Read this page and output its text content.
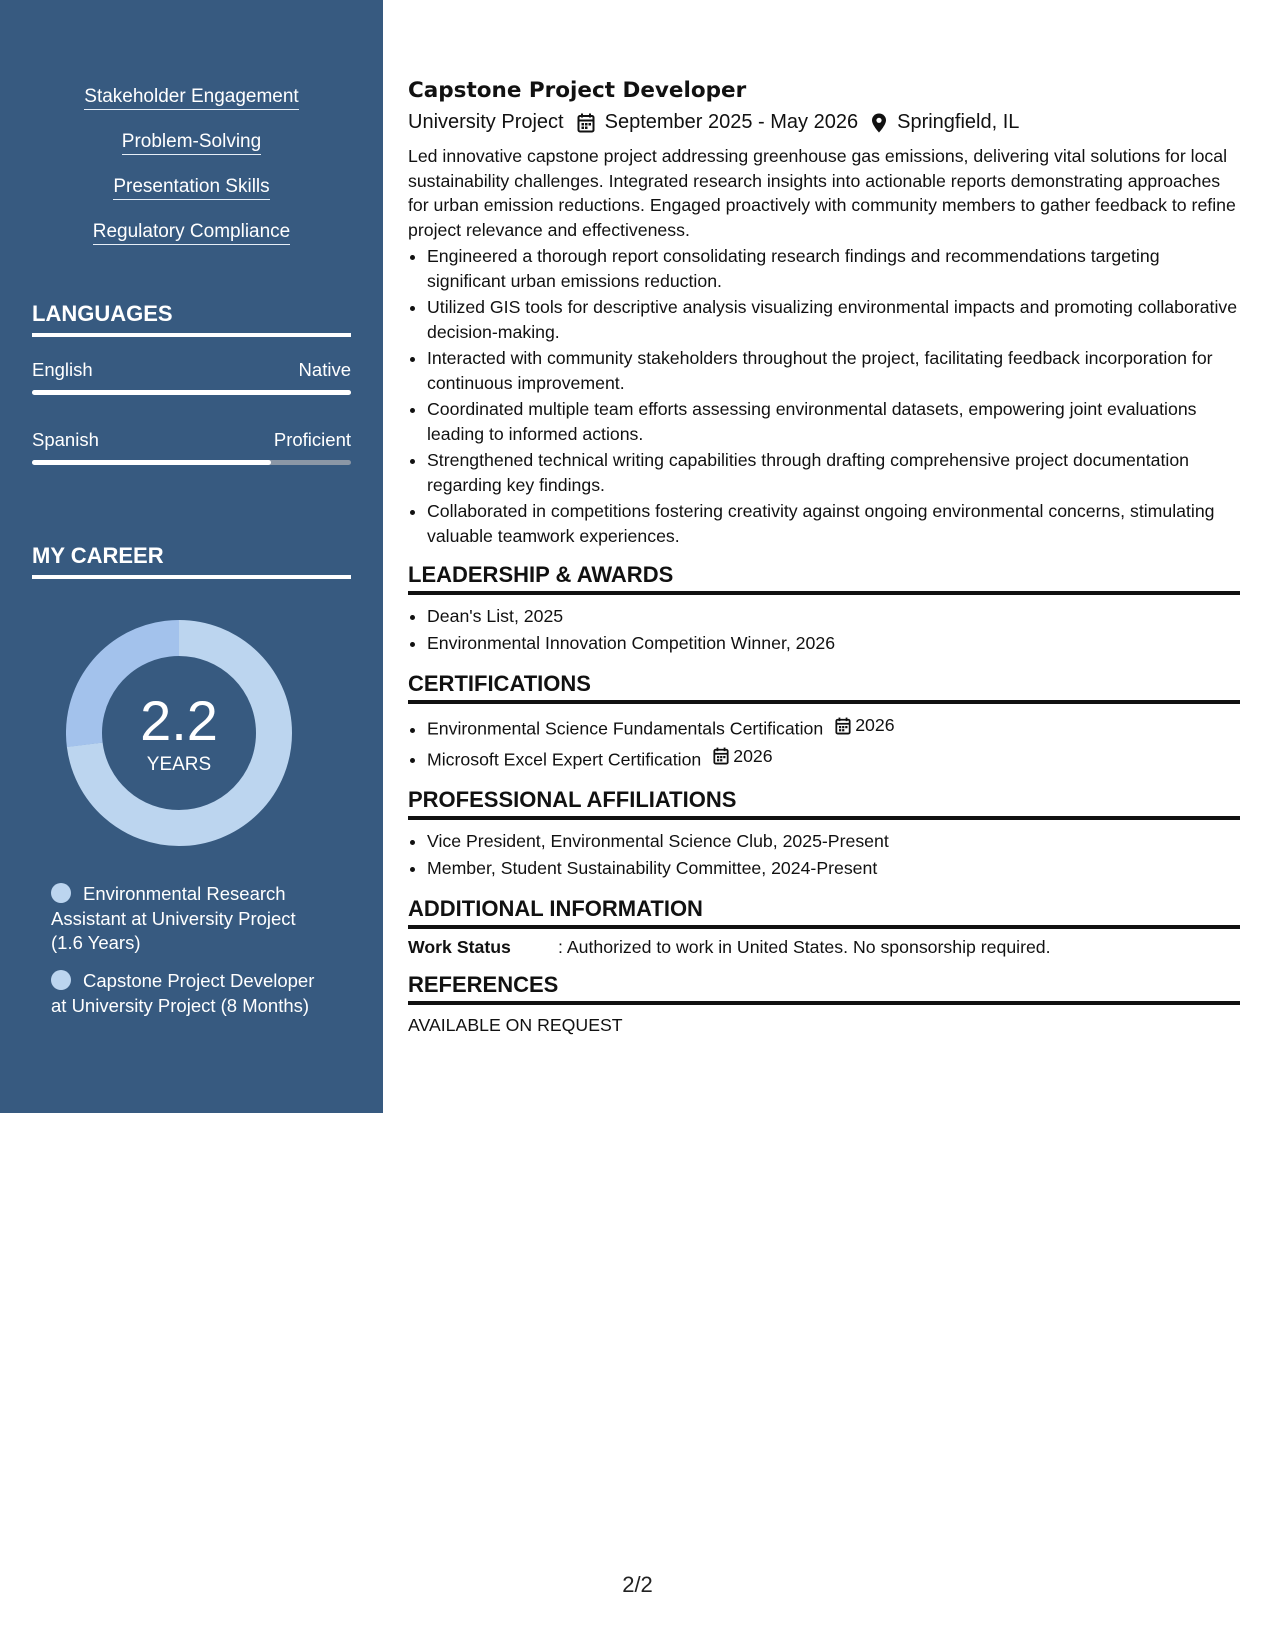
Stakeholder Engagement
Problem-Solving
Presentation Skills
Regulatory Compliance
LANGUAGES
English	Native
Spanish	Proficient
MY CAREER
2.2
YEARS
Environmental Research Assistant at University Project (1.6 Years)
Capstone Project Developer at University Project (8 Months)
Capstone Project Developer
University Project September 2025 - May 2026 Springfield, IL
Led innovative capstone project addressing greenhouse gas emissions, delivering vital solutions for local sustainability challenges. Integrated research insights into actionable reports demonstrating approaches for urban emission reductions. Engaged proactively with community members to gather feedback to refine project relevance and effectiveness.
• Engineered a thorough report consolidating research findings and recommendations targeting significant urban emissions reduction.
• Utilized GIS tools for descriptive analysis visualizing environmental impacts and promoting collaborative decision-making.
• Interacted with community stakeholders throughout the project, facilitating feedback incorporation for continuous improvement.
• Coordinated multiple team efforts assessing environmental datasets, empowering joint evaluations leading to informed actions.
• Strengthened technical writing capabilities through drafting comprehensive project documentation regarding key findings.
• Collaborated in competitions fostering creativity against ongoing environmental concerns, stimulating valuable teamwork experiences.
LEADERSHIP & AWARDS
• Dean's List, 2025
• Environmental Innovation Competition Winner, 2026
CERTIFICATIONS
• Environmental Science Fundamentals Certification 2026
• Microsoft Excel Expert Certification 2026
PROFESSIONAL AFFILIATIONS
• Vice President, Environmental Science Club, 2025-Present
• Member, Student Sustainability Committee, 2024-Present
ADDITIONAL INFORMATION
Work Status	: Authorized to work in United States. No sponsorship required.
REFERENCES
AVAILABLE ON REQUEST
2/2
